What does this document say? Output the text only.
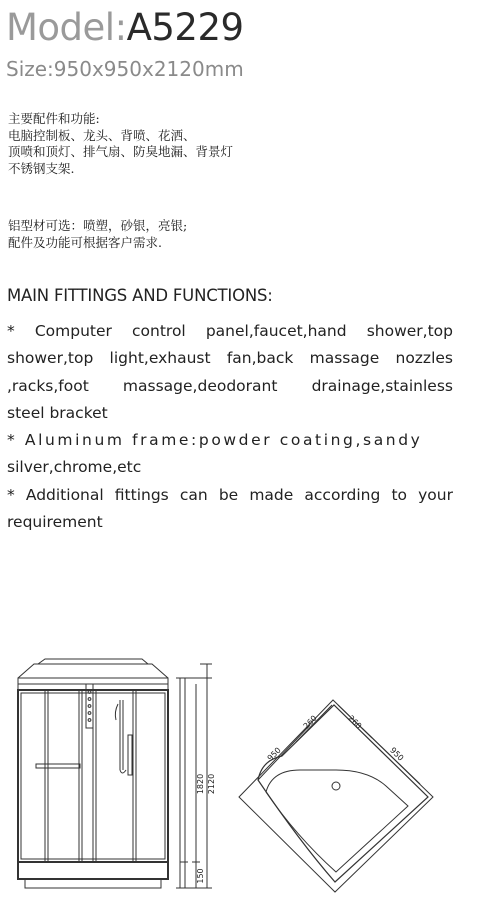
Model:A5229
Size:950x950x2120mm
主要配件和功能:
电脑控制板、龙头、背喷、花洒、
顶喷和顶灯、排气扇、防臭地漏、背景灯
不锈钢支架.
铝型材可选：喷塑，砂银，亮银;
配件及功能可根据客户需求.
MAIN FITTINGS AND FUNCTIONS:

* Computer control panel,faucet,hand shower,top

shower,top light,exhaust fan,back massage nozzles

,racks,foot massage,deodorant drainage,stainless

steel bracket

* Aluminum frame:powder coating,sandy

silver,chrome,etc

* Additional fittings can be made according to your

requirement

1820 2120
150
950
260	260
950
